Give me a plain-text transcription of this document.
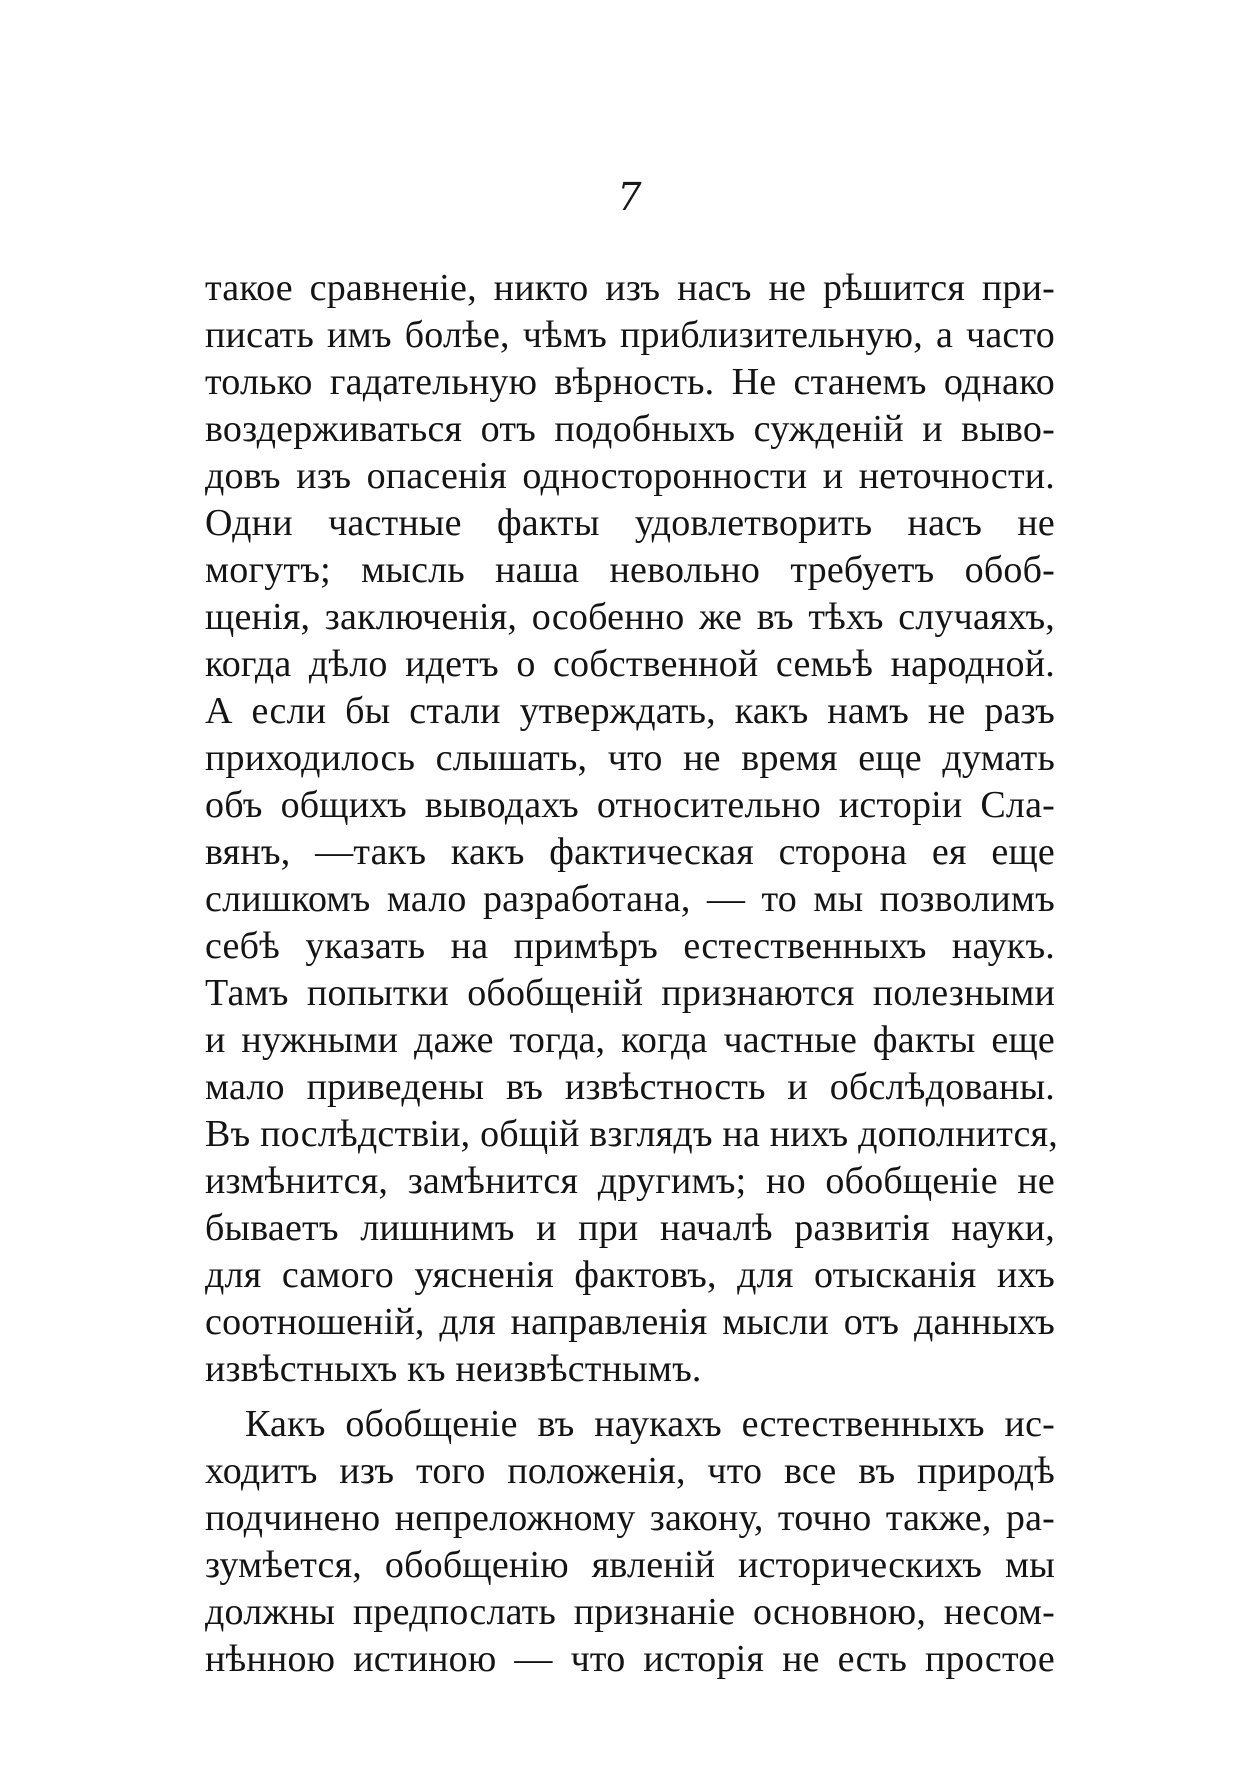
7
такое сравненіе, никто изъ насъ не рѣшится при-
писать имъ болѣе, чѣмъ приблизительную, а часто
только гадательную вѣрность. Не станемъ однако
воздерживаться отъ подобныхъ сужденій и выво-
довъ изъ опасенія односторонности и неточности.
Одни частные факты удовлетворить насъ не
могутъ; мысль наша невольно требуетъ обоб-
щенія, заключенія, особенно же въ тѣхъ случаяхъ,
когда дѣло идетъ о собственной семьѣ народной.
А если бы стали утверждать, какъ намъ не разъ
приходилось слышать, что не время еще думать
объ общихъ выводахъ относительно исторіи Сла-
вянъ, —такъ какъ фактическая сторона ея еще
слишкомъ мало разработана, — то мы позволимъ
себѣ указать на примѣръ естественныхъ наукъ.
Тамъ попытки обобщеній признаются полезными
и нужными даже тогда, когда частные факты еще
мало приведены въ извѣстность и обслѣдованы.
Въ послѣдствіи, общій взглядъ на нихъ дополнится,
измѣнится, замѣнится другимъ; но обобщеніе не
бываетъ лишнимъ и при началѣ развитія науки,
для самого уясненія фактовъ, для отысканія ихъ
соотношеній, для направленія мысли отъ данныхъ
извѣстныхъ къ неизвѣстнымъ.
Какъ обобщеніе въ наукахъ естественныхъ ис-
ходитъ изъ того положенія, что все въ природѣ
подчинено непреложному закону, точно также, ра-
зумѣется, обобщенію явленій историческихъ мы
должны предпослать признаніе основною, несом-
нѣнною истиною — что исторія не есть простое
